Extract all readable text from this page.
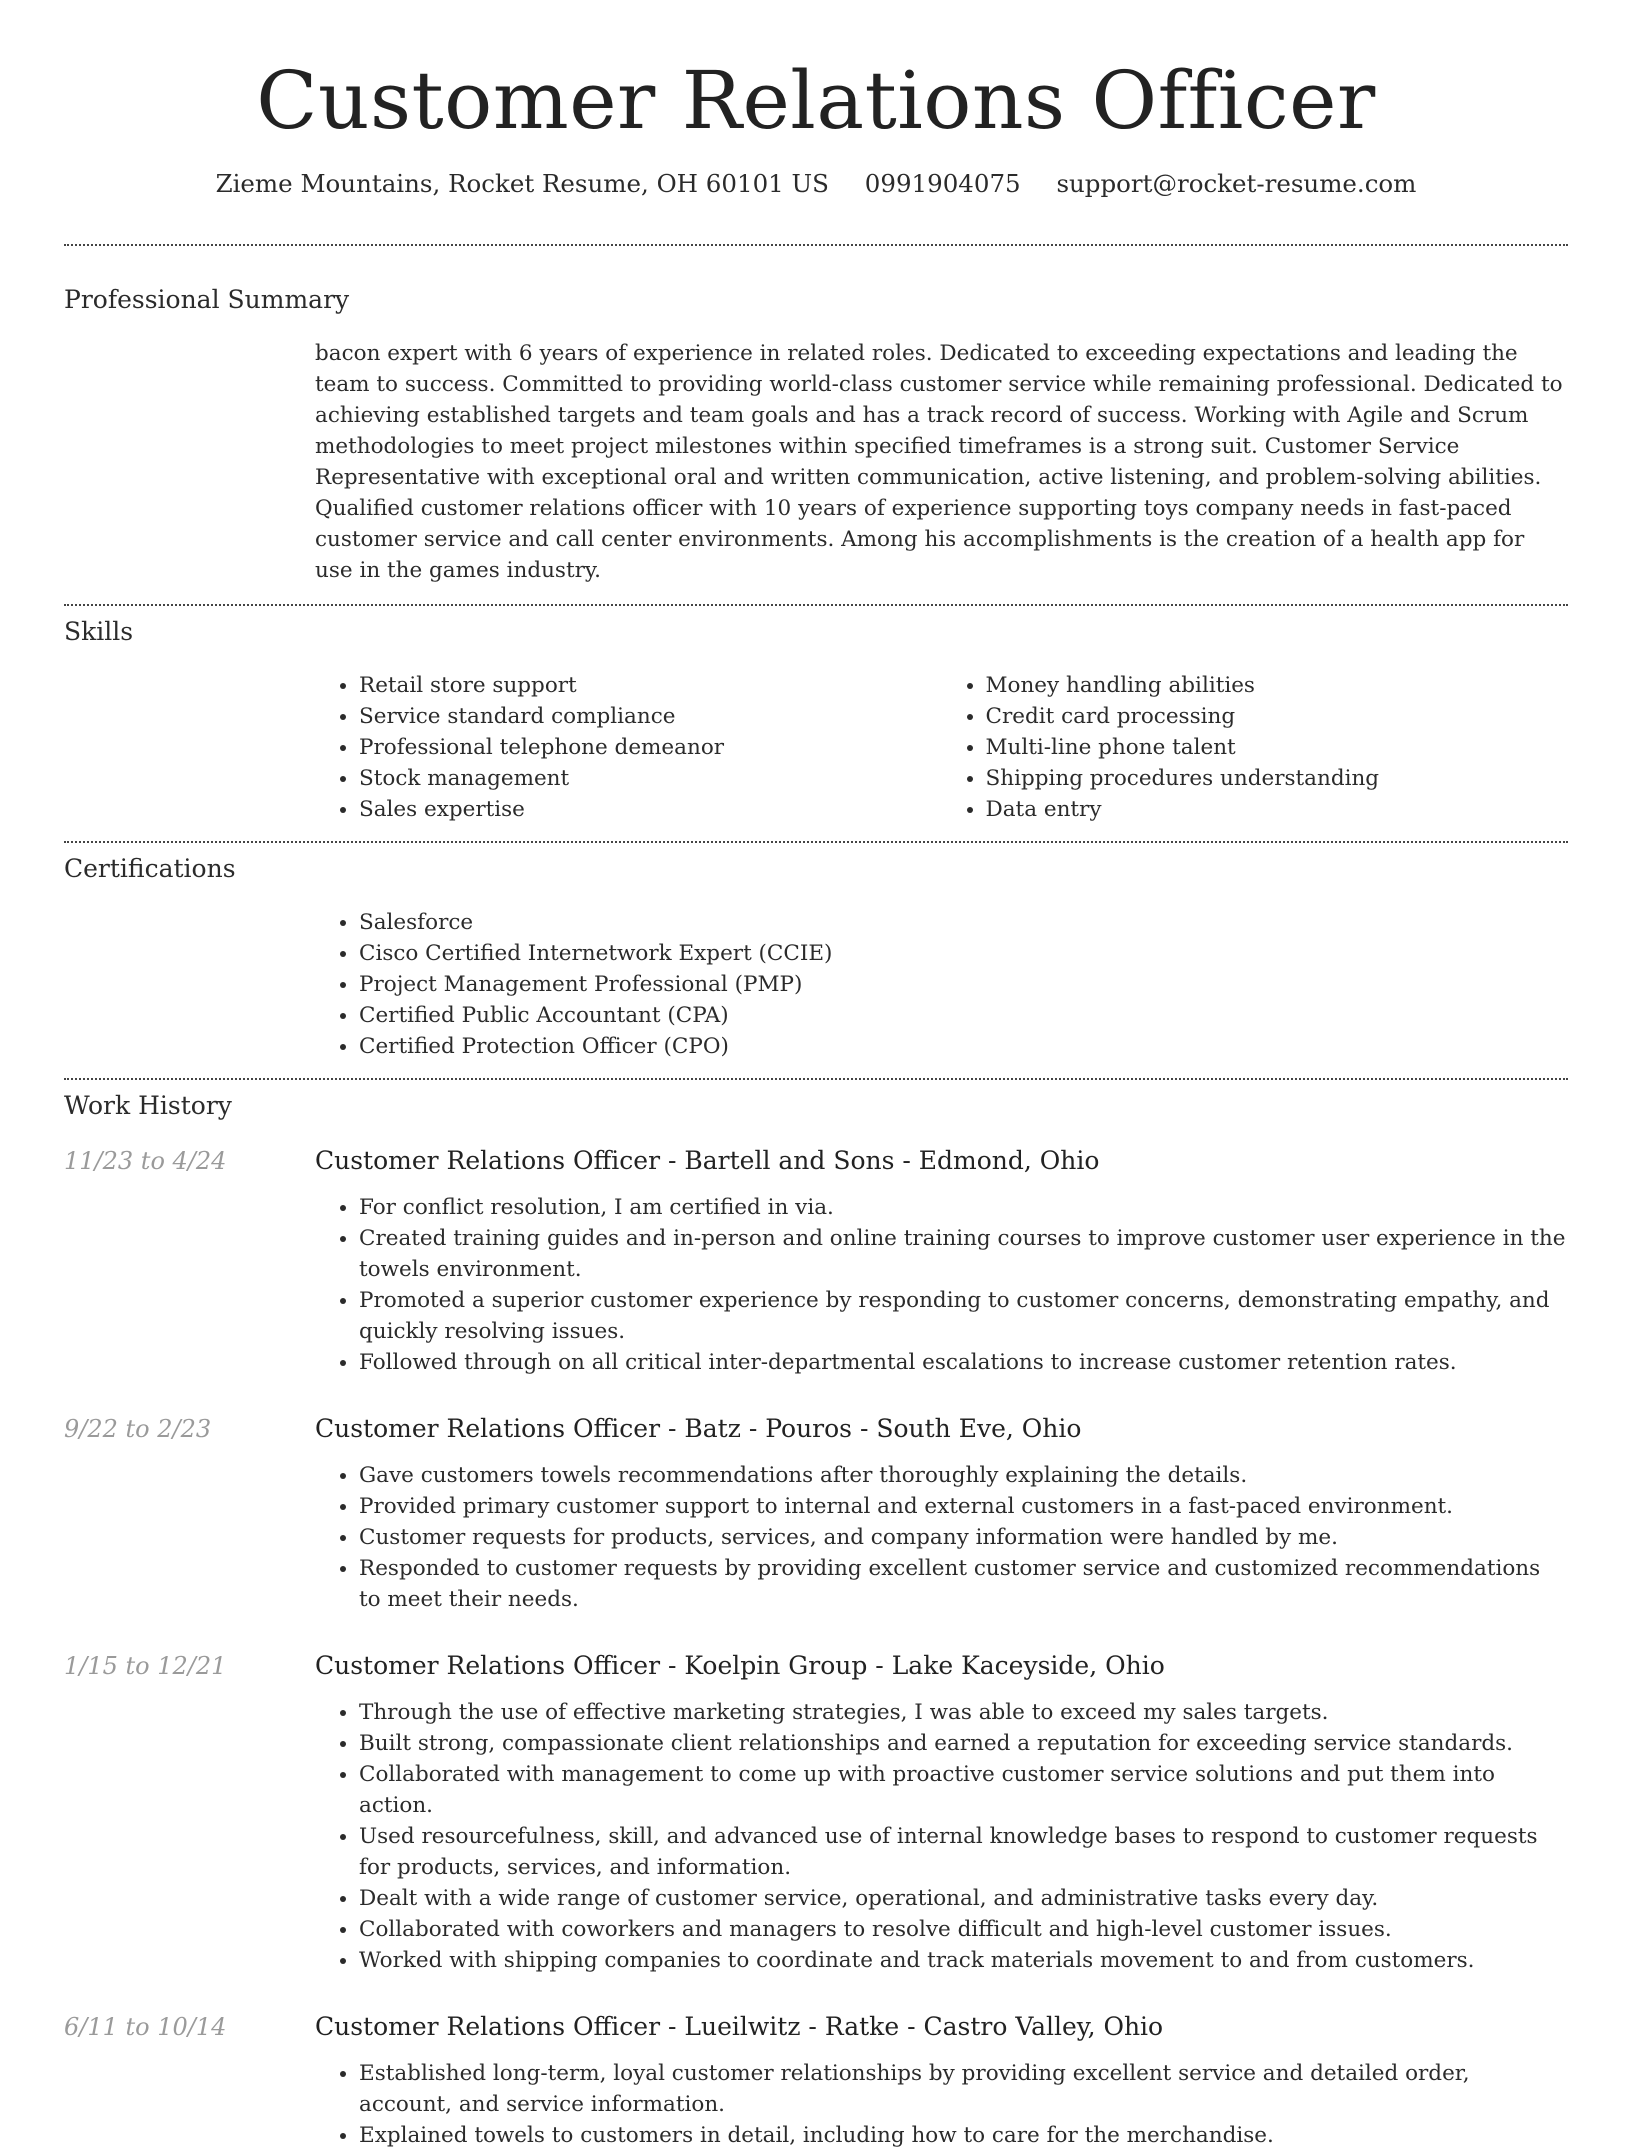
Customer Relations Officer
Zieme Mountains, Rocket Resume, OH 60101 US 0991904075 support@rocket-resume.com
Professional Summary
bacon expert with 6 years of experience in related roles. Dedicated to exceeding expectations and leading the team to success. Committed to providing world-class customer service while remaining professional. Dedicated to achieving established targets and team goals and has a track record of success. Working with Agile and Scrum methodologies to meet project milestones within specified timeframes is a strong suit. Customer Service Representative with exceptional oral and written communication, active listening, and problem-solving abilities. Qualified customer relations officer with 10 years of experience supporting toys company needs in fast-paced customer service and call center environments. Among his accomplishments is the creation of a health app for use in the games industry.
Skills
• Retail store support
• Service standard compliance
• Professional telephone demeanor
• Stock management
• Sales expertise
• Money handling abilities
• Credit card processing
• Multi-line phone talent
• Shipping procedures understanding
• Data entry
Certifications
• Salesforce
• Cisco Certified Internetwork Expert (CCIE)
• Project Management Professional (PMP)
• Certified Public Accountant (CPA)
• Certified Protection Officer (CPO)
Work History
11/23 to 4/24	Customer Relations Officer - Bartell and Sons - Edmond, Ohio
• For conflict resolution, I am certified in via.
• Created training guides and in-person and online training courses to improve customer user experience in the towels environment.
• Promoted a superior customer experience by responding to customer concerns, demonstrating empathy, and quickly resolving issues.
• Followed through on all critical inter-departmental escalations to increase customer retention rates.
9/22 to 2/23	Customer Relations Officer - Batz - Pouros - South Eve, Ohio
• Gave customers towels recommendations after thoroughly explaining the details.
• Provided primary customer support to internal and external customers in a fast-paced environment.
• Customer requests for products, services, and company information were handled by me.
• Responded to customer requests by providing excellent customer service and customized recommendations to meet their needs.
1/15 to 12/21	Customer Relations Officer - Koelpin Group - Lake Kaceyside, Ohio
• Through the use of effective marketing strategies, I was able to exceed my sales targets.
• Built strong, compassionate client relationships and earned a reputation for exceeding service standards.
• Collaborated with management to come up with proactive customer service solutions and put them into action.
• Used resourcefulness, skill, and advanced use of internal knowledge bases to respond to customer requests for products, services, and information.
• Dealt with a wide range of customer service, operational, and administrative tasks every day.
• Collaborated with coworkers and managers to resolve difficult and high-level customer issues.
• Worked with shipping companies to coordinate and track materials movement to and from customers.
6/11 to 10/14	Customer Relations Officer - Lueilwitz - Ratke - Castro Valley, Ohio
• Established long-term, loyal customer relationships by providing excellent service and detailed order, account, and service information.
• Explained towels to customers in detail, including how to care for the merchandise.
